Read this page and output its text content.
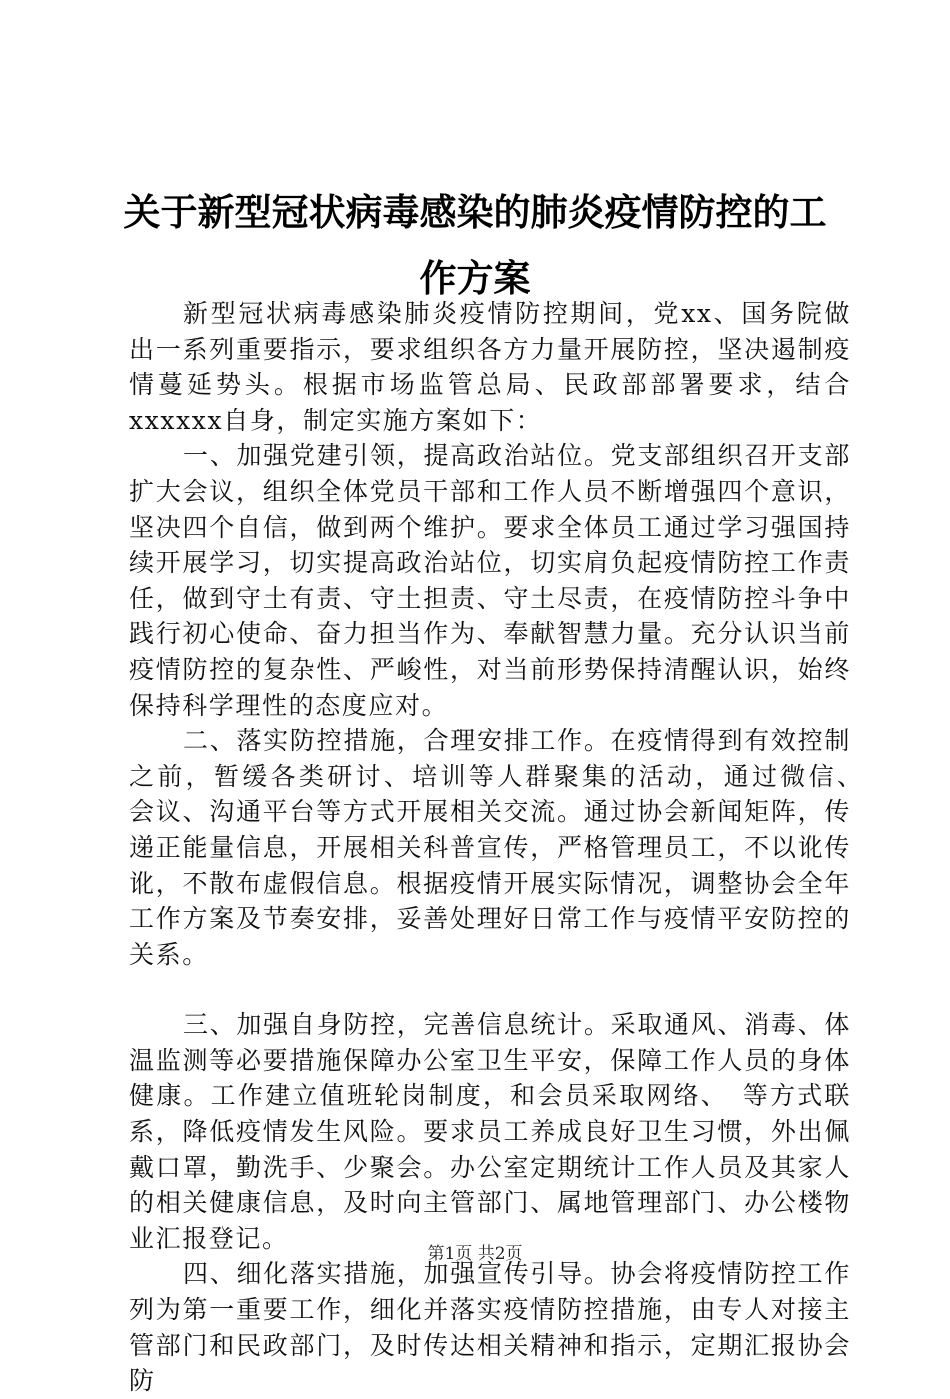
关于新型冠状病毒感染的肺炎疫情防控的工作方案

新型冠状病毒感染肺炎疫情防控期间，党xx、国务院做出一系列重要指示，要求组织各方力量开展防控，坚决遏制疫情蔓延势头。根据市场监管总局、民政部部署要求，结合xxxxxx自身，制定实施方案如下：

一、加强党建引领，提高政治站位。党支部组织召开支部扩大会议，组织全体党员干部和工作人员不断增强四个意识，坚决四个自信，做到两个维护。要求全体员工通过学习强国持续开展学习，切实提高政治站位，切实肩负起疫情防控工作责任，做到守土有责、守土担责、守土尽责，在疫情防控斗争中践行初心使命、奋力担当作为、奉献智慧力量。充分认识当前疫情防控的复杂性、严峻性，对当前形势保持清醒认识，始终保持科学理性的态度应对。

二、落实防控措施，合理安排工作。在疫情得到有效控制之前，暂缓各类研讨、培训等人群聚集的活动，通过微信、　会议、沟通平台等方式开展相关交流。通过协会新闻矩阵，传递正能量信息，开展相关科普宣传，严格管理员工，不以讹传讹，不散布虚假信息。根据疫情开展实际情况，调整协会全年工作方案及节奏安排，妥善处理好日常工作与疫情平安防控的关系。

三、加强自身防控，完善信息统计。采取通风、消毒、体温监测等必要措施保障办公室卫生平安，保障工作人员的身体健康。工作建立值班轮岗制度，和会员采取网络、　等方式联系，降低疫情发生风险。要求员工养成良好卫生习惯，外出佩戴口罩，勤洗手、少聚会。办公室定期统计工作人员及其家人的相关健康信息，及时向主管部门、属地管理部门、办公楼物业汇报登记。

四、细化落实措施，加强宣传引导。协会将疫情防控工作列为第一重要工作，细化并落实疫情防控措施，由专人对接主管部门和民政部门，及时传达相关精神和指示，定期汇报协会防

第1页 共2页
